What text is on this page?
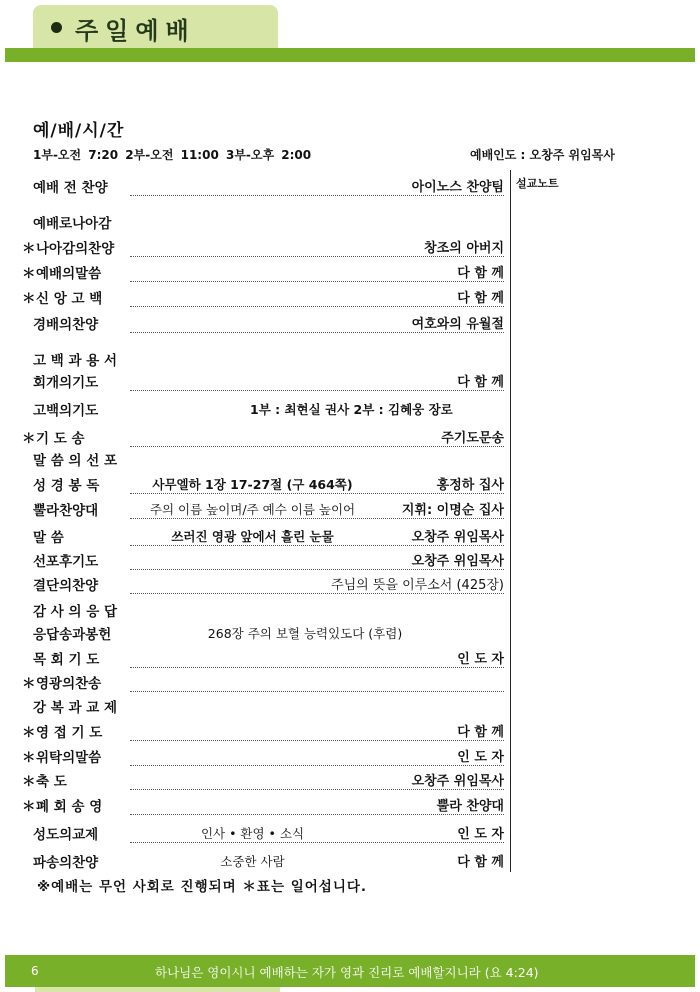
주일예배
예/배/시/간
1부-오전 7:20 2부-오전 11:00 3부-오후 2:00	예배인도 : 오창주 위임목사
설교노트
예배 전 찬양	아이노스 찬양팀
예배로나아감
＊ 나아감의찬양	창조의 아버지
＊ 예배의말씀	다 함 께
＊ 신 앙 고 백	다 함 께
경배의찬양	여호와의 유월절
고 백 과 용 서
회개의기도	다 함 께
고백의기도	1부 : 최현실 권사 2부 : 김혜웅 장로
＊ 기 도 송	주기도문송
말 씀 의 선 포
성 경 봉 독	사무엘하 1장 17-27절 (구 464쪽)	홍정하 집사
뿔라찬양대	주의 이름 높이며/주 예수 이름 높이어	지휘: 이명순 집사
말 씀	쓰러진 영광 앞에서 흘린 눈물	오창주 위임목사
선포후기도	오창주 위임목사
결단의찬양	주님의 뜻을 이루소서 (425장)
감 사 의 응 답
응답송과봉헌	268장 주의 보혈 능력있도다 (후렴)
목 회 기 도	인 도 자
＊ 영광의찬송
강 복 과 교 제
＊ 영 접 기 도	다 함 께
＊ 위탁의말씀	인 도 자
＊ 축 도	오창주 위임목사
＊ 폐 회 송 영	뿔라 찬양대
성도의교제	인사 • 환영 • 소식	인 도 자
파송의찬양	소중한 사람	다 함 께
※예배는 무언 사회로 진행되며 ＊표는 일어섭니다.
6	하나님은 영이시니 예배하는 자가 영과 진리로 예배할지니라 (요 4:24)
